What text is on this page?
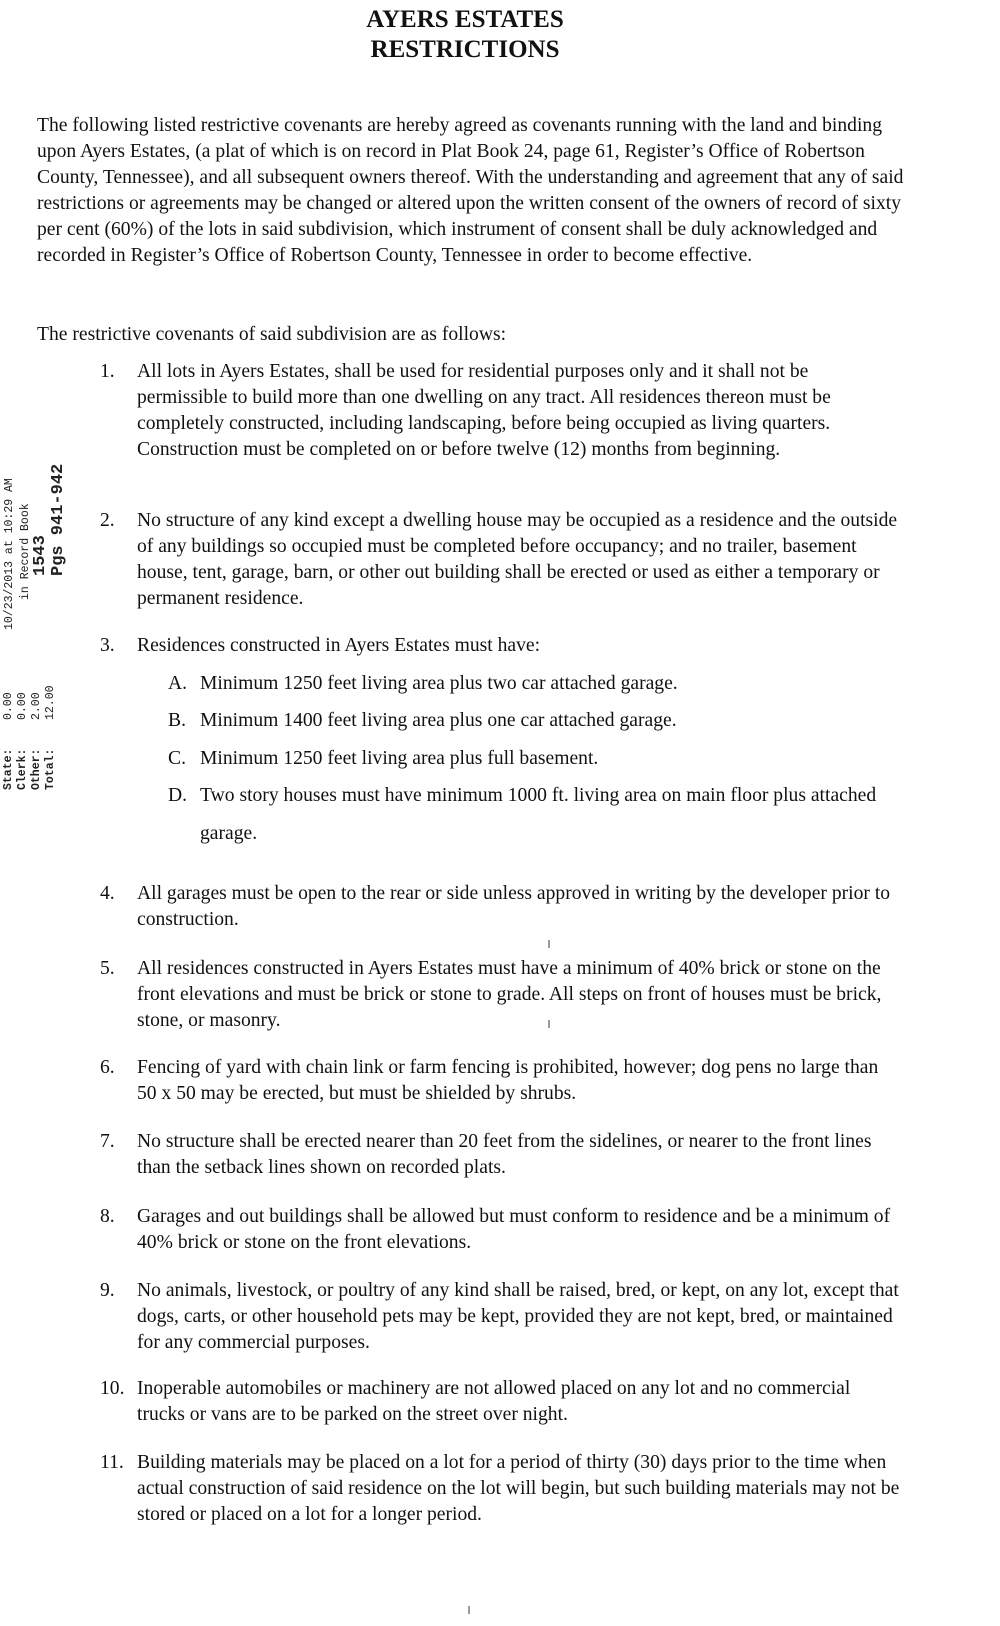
AYERS ESTATES
RESTRICTIONS
The following listed restrictive covenants are hereby agreed as covenants running with the land and binding upon Ayers Estates, (a plat of which is on record in Plat Book 24, page 61, Register’s Office of Robertson County, Tennessee), and all subsequent owners thereof. With the understanding and agreement that any of said restrictions or agreements may be changed or altered upon the written consent of the owners of record of sixty per cent (60%) of the lots in said subdivision, which instrument of consent shall be duly acknowledged and recorded in Register’s Office of Robertson County, Tennessee in order to become effective.
The restrictive covenants of said subdivision are as follows:
1. All lots in Ayers Estates, shall be used for residential purposes only and it shall not be permissible to build more than one dwelling on any tract. All residences thereon must be completely constructed, including landscaping, before being occupied as living quarters. Construction must be completed on or before twelve (12) months from beginning.
2. No structure of any kind except a dwelling house may be occupied as a residence and the outside of any buildings so occupied must be completed before occupancy; and no trailer, basement house, tent, garage, barn, or other out building shall be erected or used as either a temporary or permanent residence.
3. Residences constructed in Ayers Estates must have:
A. Minimum 1250 feet living area plus two car attached garage.
B. Minimum 1400 feet living area plus one car attached garage.
C. Minimum 1250 feet living area plus full basement.
D. Two story houses must have minimum 1000 ft. living area on main floor plus attached garage.
4. All garages must be open to the rear or side unless approved in writing by the developer prior to construction.
5. All residences constructed in Ayers Estates must have a minimum of 40% brick or stone on the front elevations and must be brick or stone to grade. All steps on front of houses must be brick, stone, or masonry.
6. Fencing of yard with chain link or farm fencing is prohibited, however; dog pens no large than 50 x 50 may be erected, but must be shielded by shrubs.
7. No structure shall be erected nearer than 20 feet from the sidelines, or nearer to the front lines than the setback lines shown on recorded plats.
8. Garages and out buildings shall be allowed but must conform to residence and be a minimum of 40% brick or stone on the front elevations.
9. No animals, livestock, or poultry of any kind shall be raised, bred, or kept, on any lot, except that dogs, carts, or other household pets may be kept, provided they are not kept, bred, or maintained for any commercial purposes.
10. Inoperable automobiles or machinery are not allowed placed on any lot and no commercial trucks or vans are to be parked on the street over night.
11. Building materials may be placed on a lot for a period of thirty (30) days prior to the time when actual construction of said residence on the lot will begin, but such building materials may not be stored or placed on a lot for a longer period.
10/23/2013 at 10:29 AM in Record Book 1543 Pgs 941-942
State:0.00
Clerk:0.00
Other:2.00
Total:12.00
